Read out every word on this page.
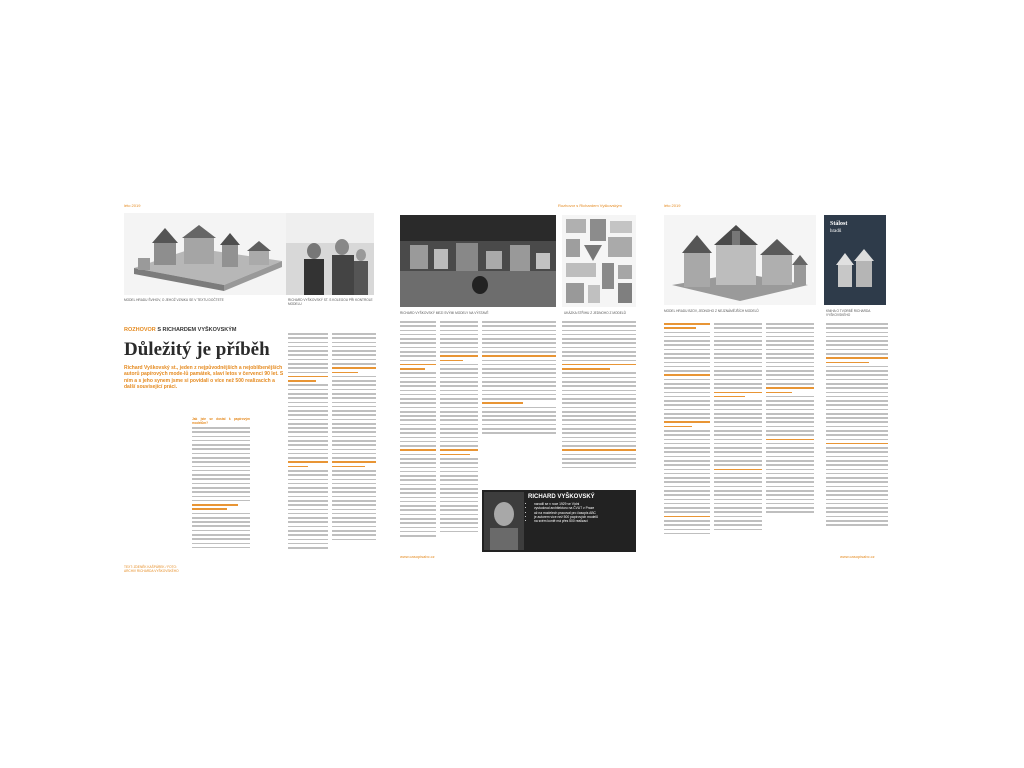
léto 2019
MODEL HRADU ŠVIHOV, O JEHOŽ VZNIKU SE V TEXTU DOČTETE	RICHARD VYŠKOVSKÝ ST. S KOLEGOU PŘI KONTROLE MODELU
ROZHOVOR S RICHARDEM VYŠKOVSKÝM
Důležitý je příběh
Richard Vyškovský st., jeden z nejpůvodnějších a nejoblíbenějších autorů papírových mode-lů památek, slaví letos v červenci 90 let. S ním a s jeho synem jsme si povídali o více než 500 realizacích a další související práci.
Jak jste se dostal k papírovým modelům?
TEXT: ZDENĚK KAŠPÁREK / FOTO: ARCHIV RICHARDA VYŠKOVSKÉHO
Rozhovor s Richardem Vyškovským
RICHARD VYŠKOVSKÝ MEZI SVÝMI MODELY NA VÝSTAVĚ	UKÁZKA STŘIHU Z JEDNOHO Z MODELŮ
RICHARD VYŠKOVSKÝ
• narodil se v roce 1929 ve Vídni
• vystudoval architekturu na ČVUT v Praze
• až na modelech pracoval pro časopis ABC
• je autorem více než 500 papírových modelů
• na svém kontě má přes 500 realizací
www.casopisabc.cz
léto 2019
MODEL HRADU BZOV, JEDNOHO Z NEJZNÁMĚJŠÍCH MODELŮ
Stálost
hradů
KNIHA O TVORBĚ RICHARDA VYŠKOVSKÉHO
www.casopisabc.cz
